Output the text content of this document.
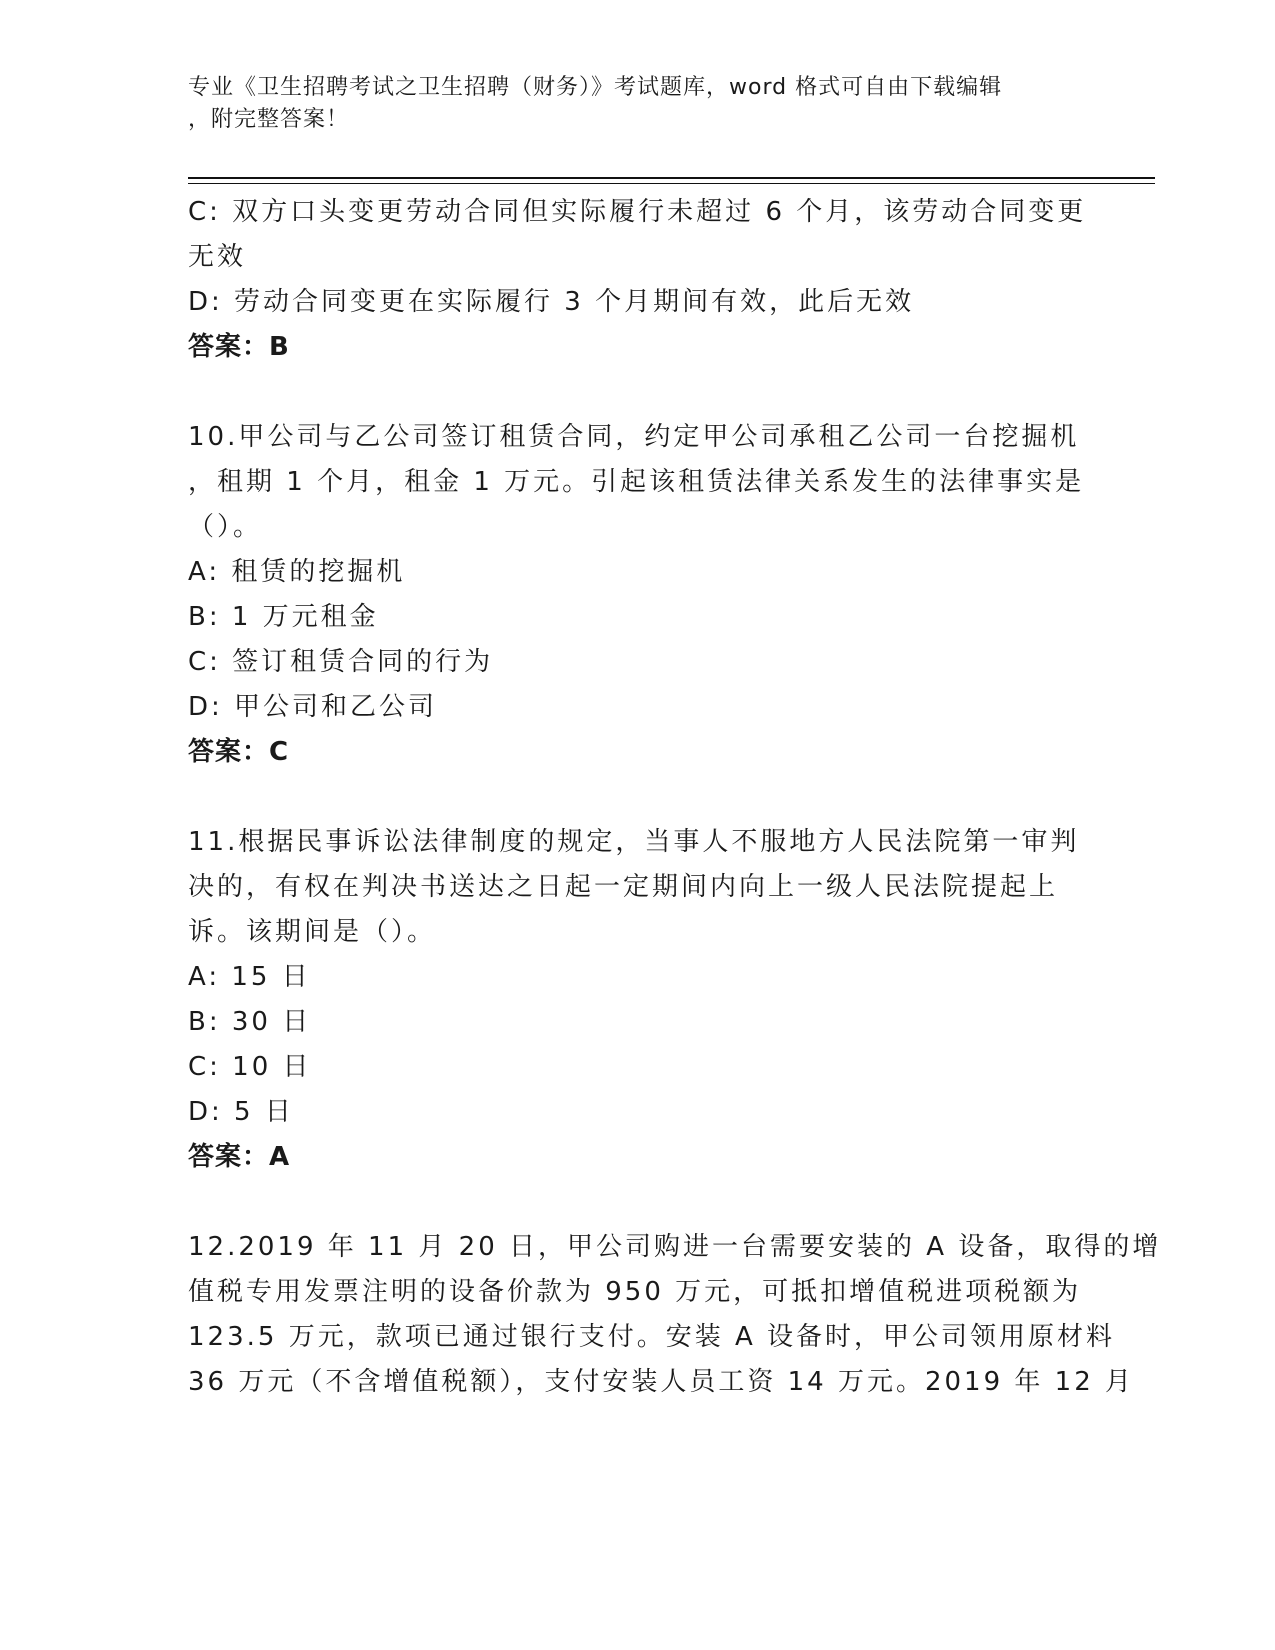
专业《卫生招聘考试之卫生招聘（财务）》考试题库，word 格式可自由下载编辑
，附完整答案！
C: 双方口头变更劳动合同但实际履行未超过 6 个月，该劳动合同变更
无效
D: 劳动合同变更在实际履行 3 个月期间有效，此后无效
答案：B
10.甲公司与乙公司签订租赁合同，约定甲公司承租乙公司一台挖掘机
，租期 1 个月，租金 1 万元。引起该租赁法律关系发生的法律事实是
（）。
A: 租赁的挖掘机
B: 1 万元租金
C: 签订租赁合同的行为
D: 甲公司和乙公司
答案：C
11.根据民事诉讼法律制度的规定，当事人不服地方人民法院第一审判
决的，有权在判决书送达之日起一定期间内向上一级人民法院提起上
诉。该期间是（）。
A: 15 日
B: 30 日
C: 10 日
D: 5 日
答案：A
12.2019 年 11 月 20 日，甲公司购进一台需要安装的 A 设备，取得的增
值税专用发票注明的设备价款为 950 万元，可抵扣增值税进项税额为
123.5 万元，款项已通过银行支付。安装 A 设备时，甲公司领用原材料
36 万元（不含增值税额），支付安装人员工资 14 万元。2019 年 12 月
